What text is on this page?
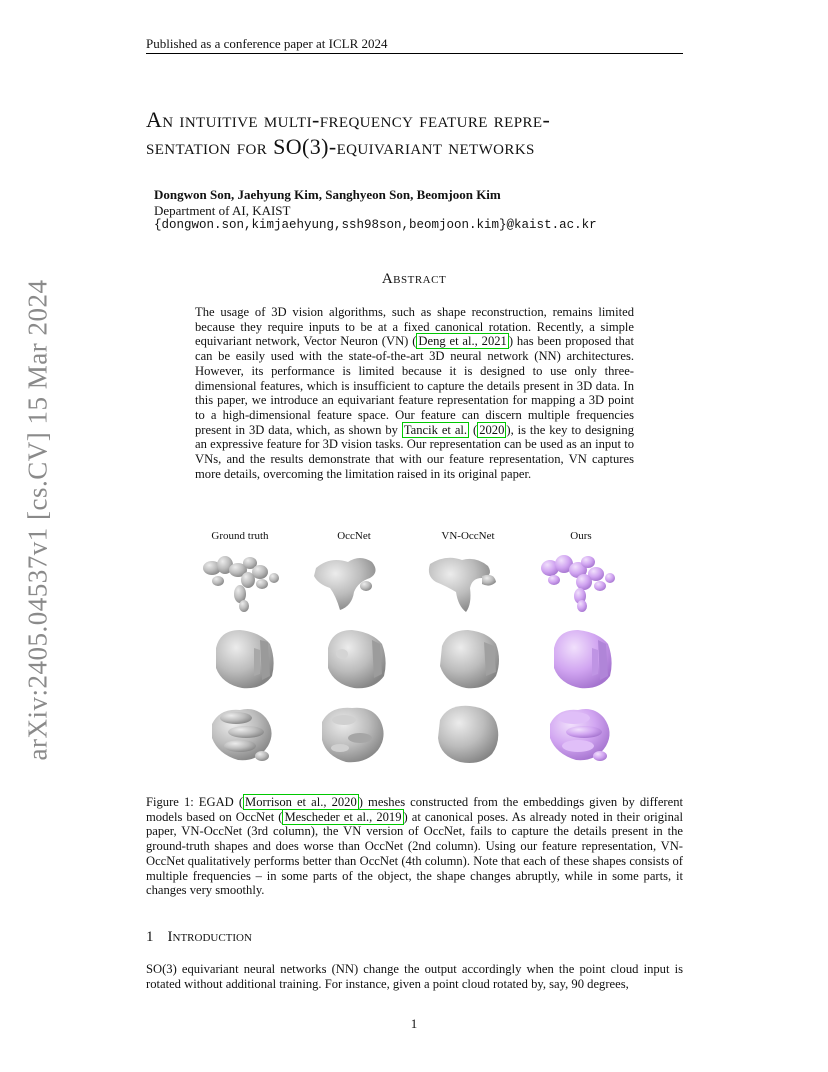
Published as a conference paper at ICLR 2024
arXiv:2405.04537v1 [cs.CV] 15 Mar 2024
An intuitive multi-frequency feature repre-
sentation for SO(3)-equivariant networks
Dongwon Son, Jaehyung Kim, Sanghyeon Son, Beomjoon Kim
Department of AI, KAIST
{dongwon.son,kimjaehyung,ssh98son,beomjoon.kim}@kaist.ac.kr
Abstract
The usage of 3D vision algorithms, such as shape reconstruction, remains limited because they require inputs to be at a fixed canonical rotation. Recently, a simple equivariant network, Vector Neuron (VN) ( Deng et al., 2021 ) has been proposed that can be easily used with the state-of-the-art 3D neural network (NN) architectures. However, its performance is limited because it is designed to use only three-dimensional features, which is insufficient to capture the details present in 3D data. In this paper, we introduce an equivariant feature representation for mapping a 3D point to a high-dimensional feature space. Our feature can discern multiple frequencies present in 3D data, which, as shown by Tancik et al. ( 2020 ), is the key to designing an expressive feature for 3D vision tasks. Our representation can be used as an input to VNs, and the results demonstrate that with our feature representation, VN captures more details, overcoming the limitation raised in its original paper.
Ground truth	OccNet	VN-OccNet	Ours
Figure 1: EGAD ( Morrison et al., 2020 ) meshes constructed from the embeddings given by different models based on OccNet ( Mescheder et al., 2019 ) at canonical poses. As already noted in their original paper, VN-OccNet (3rd column), the VN version of OccNet, fails to capture the details present in the ground-truth shapes and does worse than OccNet (2nd column). Using our feature representation, VN-OccNet qualitatively performs better than OccNet (4th column). Note that each of these shapes consists of multiple frequencies – in some parts of the object, the shape changes abruptly, while in some parts, it changes very smoothly.
1 Introduction
SO(3) equivariant neural networks (NN) change the output accordingly when the point cloud input is rotated without additional training. For instance, given a point cloud rotated by, say, 90 degrees,
1
